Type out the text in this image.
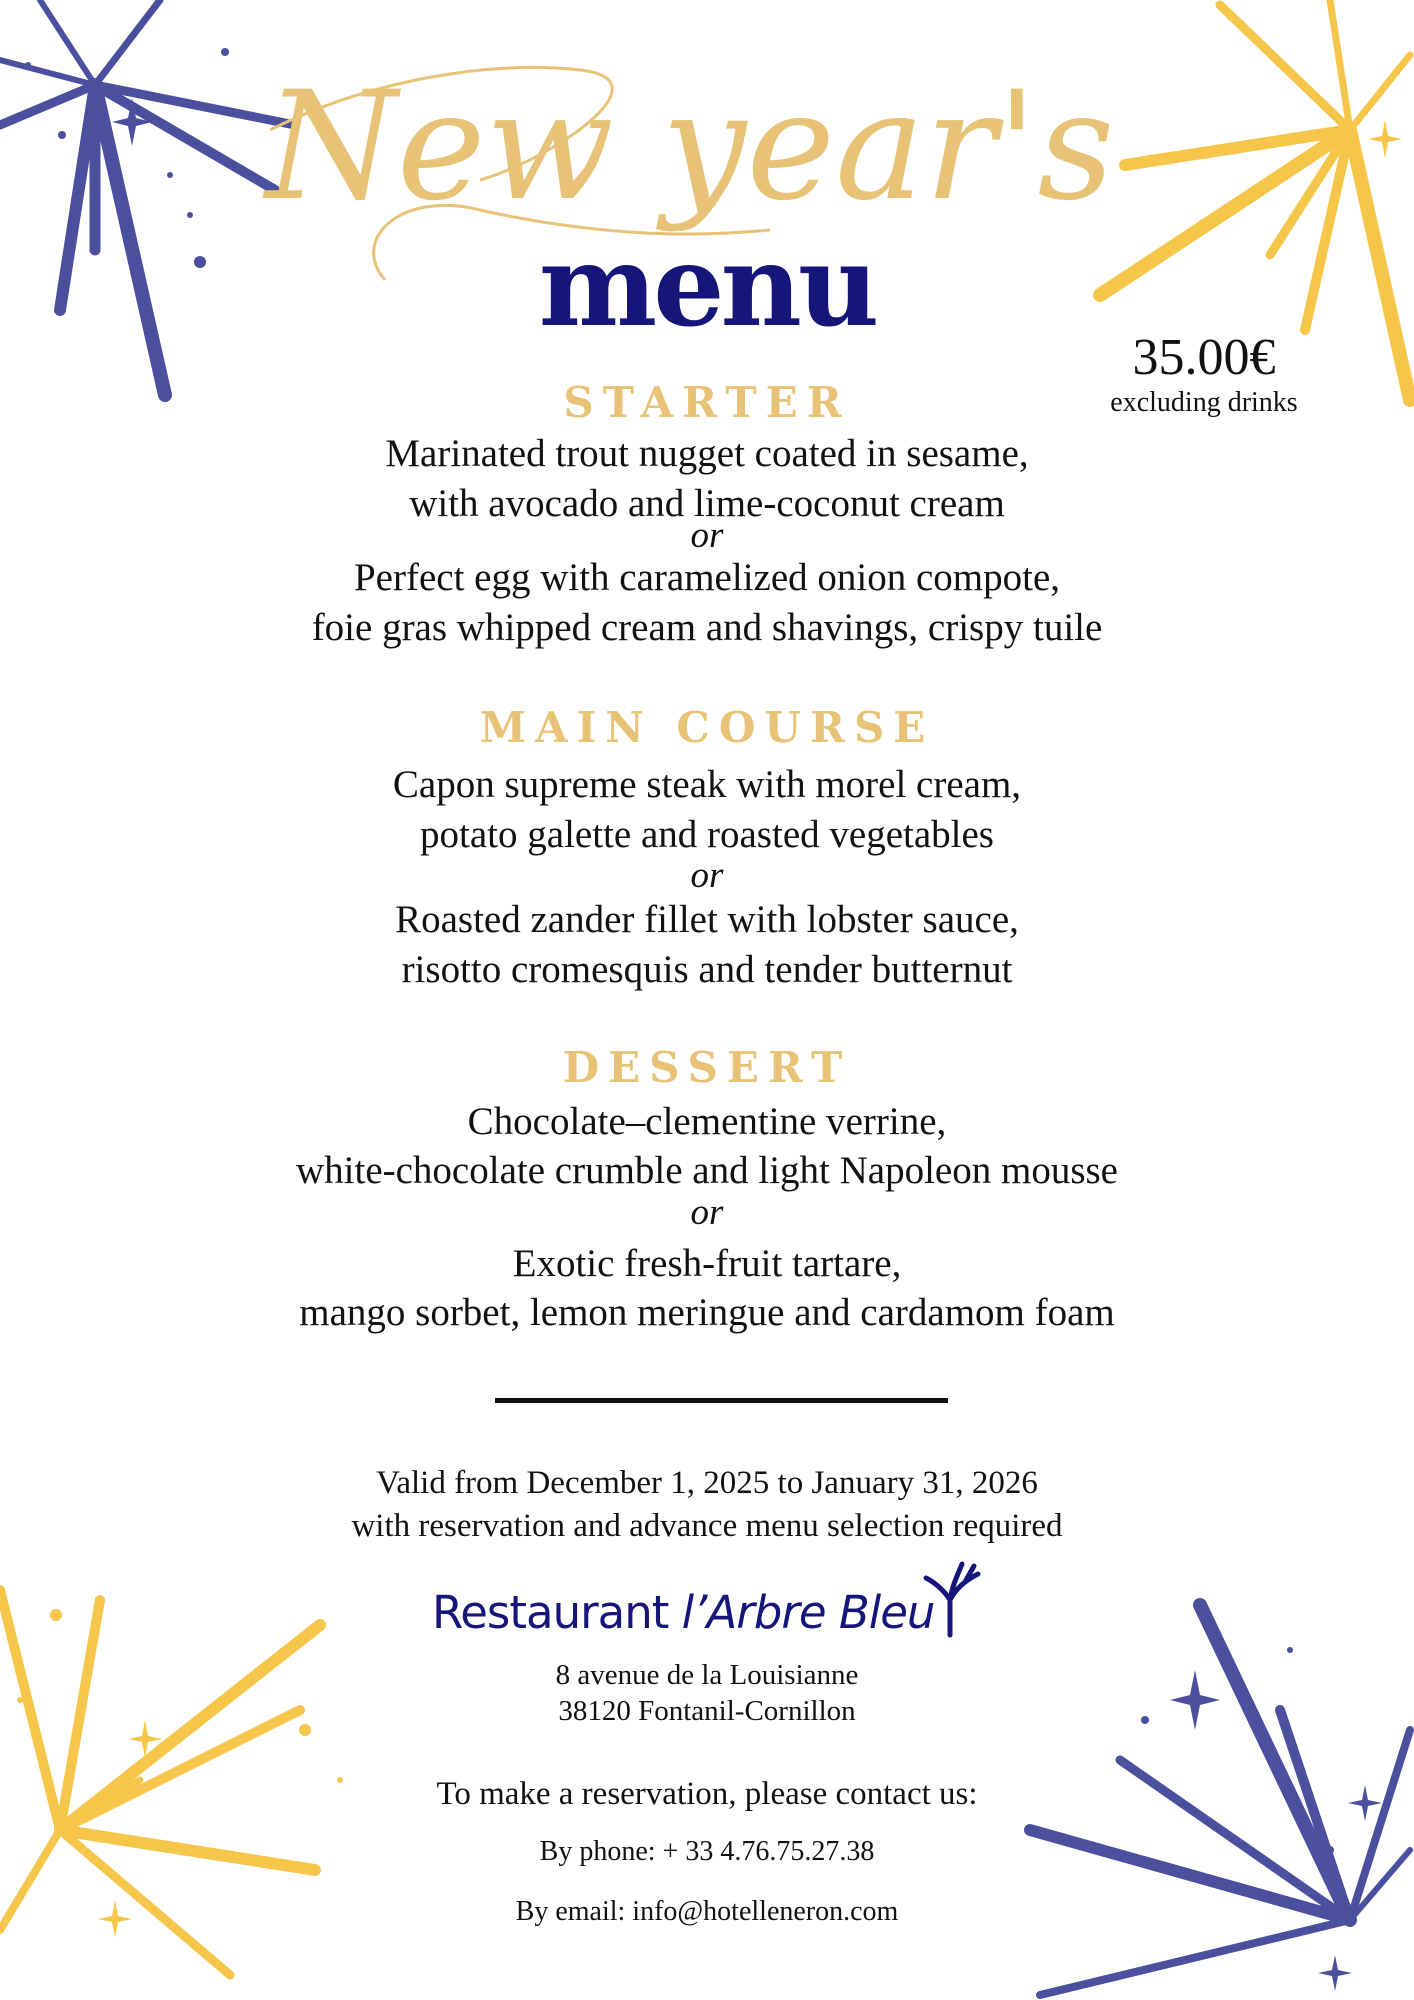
New year's
menu
35.00€
excluding drinks
STARTER
Marinated trout nugget coated in sesame,
with avocado and lime-coconut cream
or
Perfect egg with caramelized onion compote,
foie gras whipped cream and shavings, crispy tuile
MAIN COURSE
Capon supreme steak with morel cream,
potato galette and roasted vegetables
or
Roasted zander fillet with lobster sauce,
risotto cromesquis and tender butternut
DESSERT
Chocolate–clementine verrine,
white-chocolate crumble and light Napoleon mousse
or
Exotic fresh-fruit tartare,
mango sorbet, lemon meringue and cardamom foam
Valid from December 1, 2025 to January 31, 2026
with reservation and advance menu selection required
Restaurant l’Arbre Bleu
8 avenue de la Louisianne
38120 Fontanil-Cornillon
To make a reservation, please contact us:
By phone: + 33 4.76.75.27.38
By email: info@hotelleneron.com
